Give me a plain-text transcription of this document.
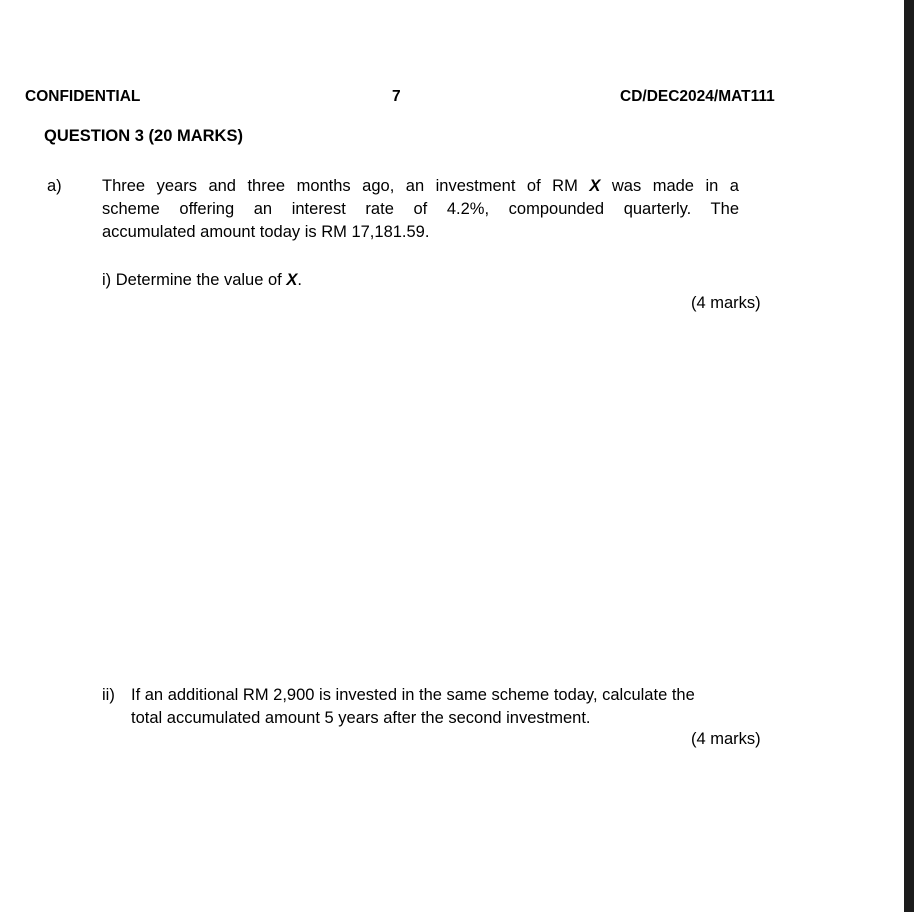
CONFIDENTIAL	7	CD/DEC2024/MAT111
QUESTION 3 (20 MARKS)
a) Three years and three months ago, an investment of RM X was made in a
scheme offering an interest rate of 4.2%, compounded quarterly. The
accumulated amount today is RM 17,181.59.
i) Determine the value of X.
(4 marks)
ii) If an additional RM 2,900 is invested in the same scheme today, calculate the
total accumulated amount 5 years after the second investment.
(4 marks)
